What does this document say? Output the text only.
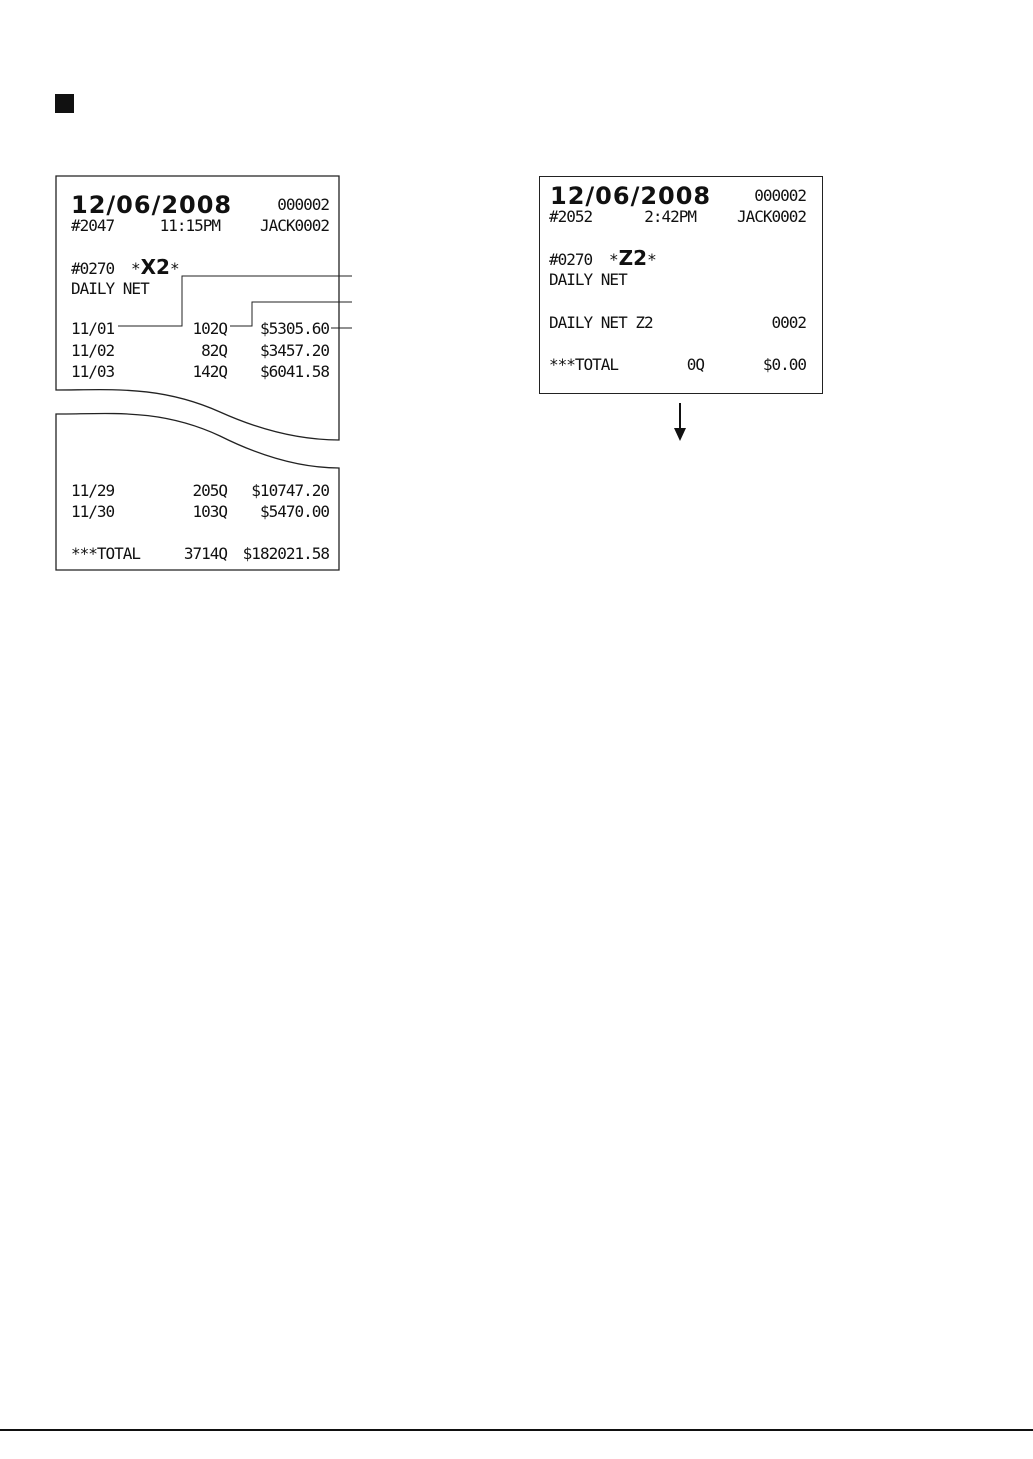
12/06/2008	000002
#2047	11:15PM	JACK0002
#0270 *X2*
DAILY NET
11/01	102Q	$5305.60
11/02	82Q	$3457.20
11/03	142Q	$6041.58
11/29	205Q	$10747.20
11/30	103Q	$5470.00
***TOTAL	3714Q $182021.58
12/06/2008	000002
#2052	2:42PM	JACK0002
#0270 *Z2*
DAILY NET
DAILY NET Z2	0002
***TOTAL	0Q	$0.00
